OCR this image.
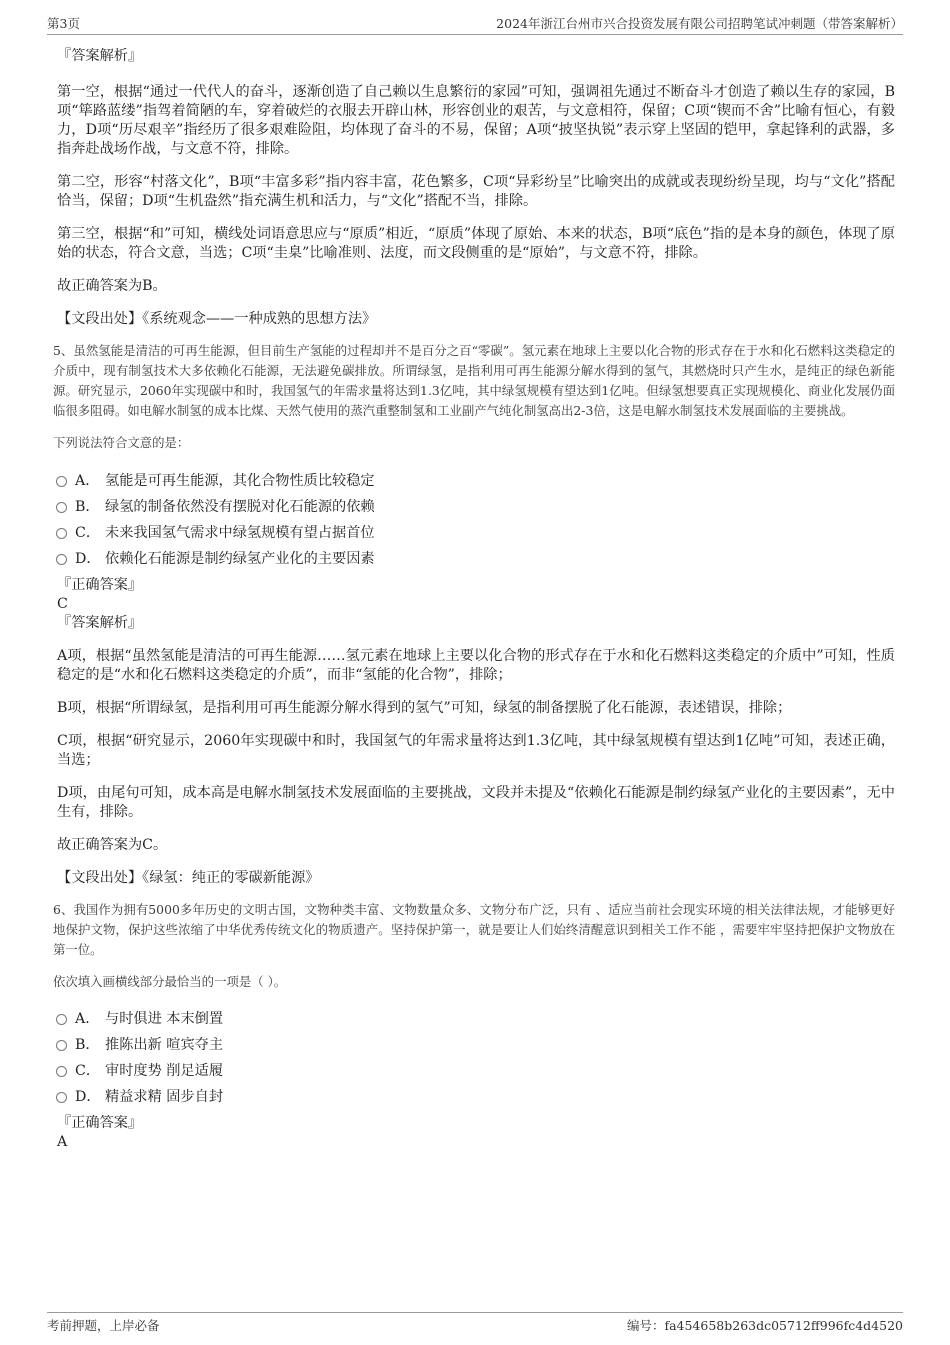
第3页	2024年浙江台州市兴合投资发展有限公司招聘笔试冲刺题（带答案解析）

『答案解析』

第一空，根据“通过一代代人的奋斗，逐渐创造了自己赖以生息繁衍的家园”可知，强调祖先通过不断奋斗才创造了赖以生存的家园，B项“筚路蓝缕”指驾着简陋的车，穿着破烂的衣服去开辟山林，形容创业的艰苦，与文意相符，保留；C项“锲而不舍”比喻有恒心，有毅力，D项“历尽艰辛”指经历了很多艰难险阻，均体现了奋斗的不易，保留；A项“披坚执锐”表示穿上坚固的铠甲，拿起锋利的武器，多指奔赴战场作战，与文意不符，排除。

第二空，形容“村落文化”，B项“丰富多彩”指内容丰富，花色繁多，C项“异彩纷呈”比喻突出的成就或表现纷纷呈现，均与“文化”搭配恰当，保留；D项“生机盎然”指充满生机和活力，与“文化”搭配不当，排除。

第三空，根据“和”可知，横线处词语意思应与“原质”相近，“原质”体现了原始、本来的状态，B项“底色”指的是本身的颜色，体现了原始的状态，符合文意，当选；C项“圭臬”比喻准则、法度，而文段侧重的是“原始”，与文意不符，排除。

故正确答案为B。

【文段出处】《系统观念——一种成熟的思想方法》

5、虽然氢能是清洁的可再生能源，但目前生产氢能的过程却并不是百分之百“零碳”。氢元素在地球上主要以化合物的形式存在于水和化石燃料这类稳定的介质中，现有制氢技术大多依赖化石能源，无法避免碳排放。所谓绿氢，是指利用可再生能源分解水得到的氢气，其燃烧时只产生水，是纯正的绿色新能源。研究显示，2060年实现碳中和时，我国氢气的年需求量将达到1.3亿吨，其中绿氢规模有望达到1亿吨。但绿氢想要真正实现规模化、商业化发展仍面临很多阻碍。如电解水制氢的成本比煤、天然气使用的蒸汽重整制氢和工业副产气纯化制氢高出2-3倍，这是电解水制氢技术发展面临的主要挑战。

下列说法符合文意的是：

A． 氢能是可再生能源，其化合物性质比较稳定
B． 绿氢的制备依然没有摆脱对化石能源的依赖
C． 未来我国氢气需求中绿氢规模有望占据首位
D． 依赖化石能源是制约绿氢产业化的主要因素

『正确答案』

C

『答案解析』

A项，根据“虽然氢能是清洁的可再生能源……氢元素在地球上主要以化合物的形式存在于水和化石燃料这类稳定的介质中”可知，性质稳定的是“水和化石燃料这类稳定的介质”，而非“氢能的化合物”，排除；

B项，根据“所谓绿氢，是指利用可再生能源分解水得到的氢气”可知，绿氢的制备摆脱了化石能源，表述错误，排除；

C项，根据“研究显示，2060年实现碳中和时，我国氢气的年需求量将达到1.3亿吨，其中绿氢规模有望达到1亿吨”可知，表述正确，当选；

D项，由尾句可知，成本高是电解水制氢技术发展面临的主要挑战，文段并未提及“依赖化石能源是制约绿氢产业化的主要因素”，无中生有，排除。

故正确答案为C。

【文段出处】《绿氢：纯正的零碳新能源》

6、我国作为拥有5000多年历史的文明古国，文物种类丰富、文物数量众多、文物分布广泛，只有 、适应当前社会现实环境的相关法律法规，才能够更好地保护文物，保护这些浓缩了中华优秀传统文化的物质遗产。坚持保护第一，就是要让人们始终清醒意识到相关工作不能 ，需要牢牢坚持把保护文物放在第一位。

依次填入画横线部分最恰当的一项是（ ）。

A． 与时俱进 本末倒置
B． 推陈出新 喧宾夺主
C． 审时度势 削足适履
D． 精益求精 固步自封

『正确答案』

A

考前押题，上岸必备	编号：fa454658b263dc05712ff996fc4d4520
